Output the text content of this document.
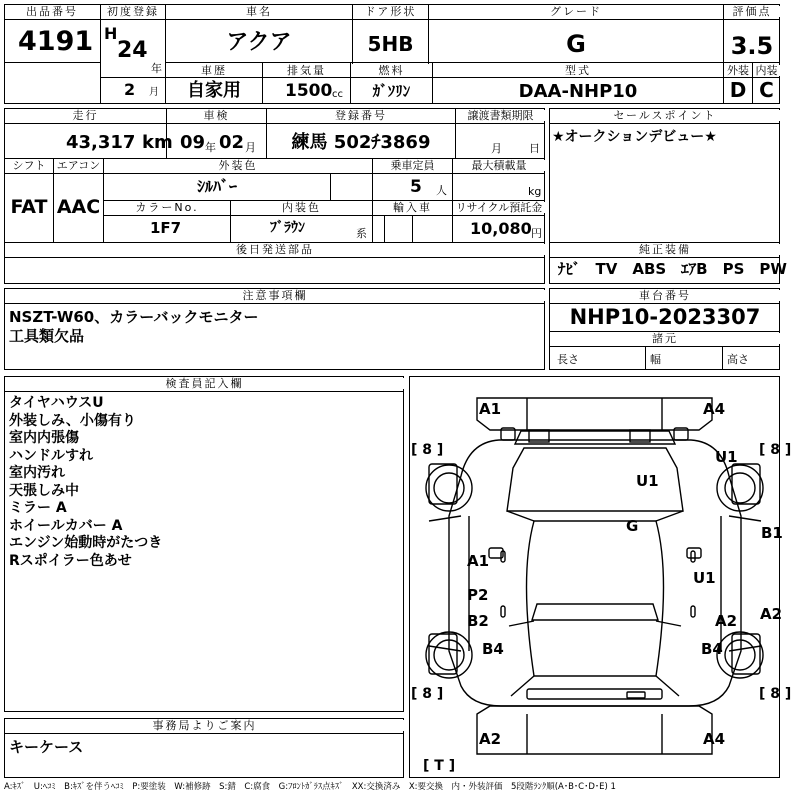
出品番号
4191
初度登録
H
24
年
2 月
車名
アクア
ドア形状
5HB
グレード
G
評価点
3.5
車歴
自家用
排気量
1500 cc
燃料
ｶﾞｿﾘﾝ
型式
DAA-NHP10
外装
D
内装
C
走行
43,317 km
車検
09 年 02 月
登録番号
練馬 502ﾁ3869
譲渡書類期限
月 日
シフト
FAT
エアコン
AAC
外装色
ｼﾙﾊﾞｰ
乗車定員
5 人
最大積載量
kg
カラーNo.
1F7
内装色
ﾌﾞﾗｳﾝ	系
輸入車	リサイクル預託金
10,080 円
後日発送部品
セールスポイント
★オークションデビュー★
純正装備
ﾅﾋﾞ　TV　ABS　ｴｱB　PS　PW
注意事項欄
NSZT-W60、カラーバックモニター
工具類欠品
車台番号
NHP10-2023307
諸元
長さ	幅	高さ
検査員記入欄
タイヤハウスU
外装しみ、小傷有り
室内内張傷
ハンドルすれ
室内汚れ
天張しみ中
ミラー A
ホイールカバー A
エンジン始動時がたつき
Rスポイラー色あせ
事務局よりご案内
キーケース
[ 8 ]	[ 8 ]
[ 8 ]	[ 8 ]
[ T ]
A1	A4
U1
U1
G
A1
B1
U1
P2
B2	A2 A2
B4	B4
A2	A4
A:ｷｽﾞ　U:ﾍｺﾐ　B:ｷｽﾞを伴うﾍｺﾐ　P:要塗装　W:補修跡　S:錆　C:腐食　G:ﾌﾛﾝﾄｶﾞﾗｽ点ｷｽﾞ　XX:交換済み　X:要交換　内・外装評価　5段階ﾗﾝｸ順(A･B･C･D･E) 1
